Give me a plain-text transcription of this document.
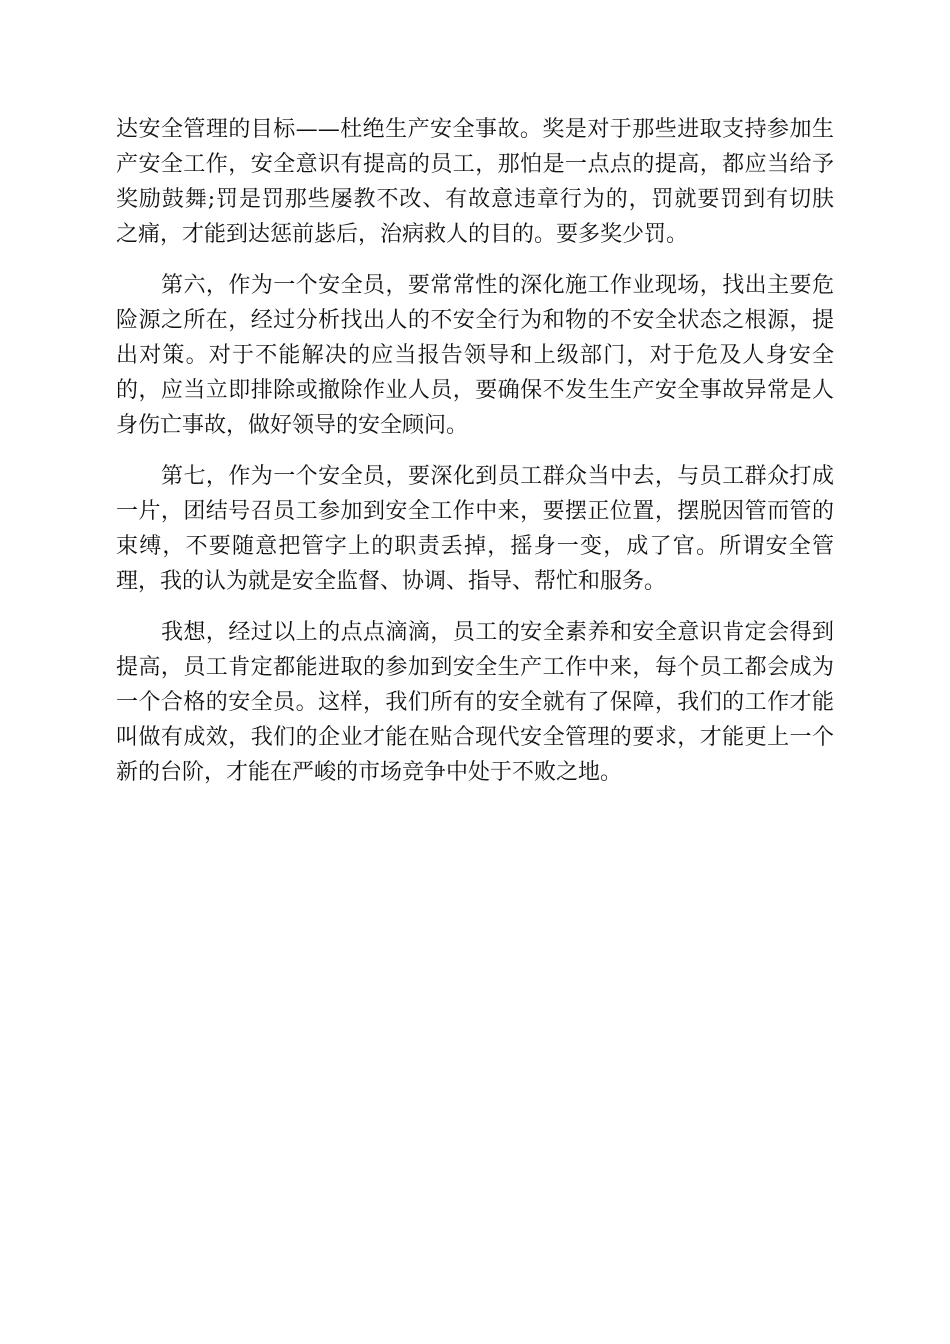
达安全管理的目标——杜绝生产安全事故。奖是对于那些进取支持参加生
产安全工作，安全意识有提高的员工，那怕是一点点的提高，都应当给予
奖励鼓舞;罚是罚那些屡教不改、有故意违章行为的，罚就要罚到有切肤
之痛，才能到达惩前毖后，治病救人的目的。要多奖少罚。
第六，作为一个安全员，要常常性的深化施工作业现场，找出主要危
险源之所在，经过分析找出人的不安全行为和物的不安全状态之根源，提
出对策。对于不能解决的应当报告领导和上级部门，对于危及人身安全
的，应当立即排除或撤除作业人员，要确保不发生生产安全事故异常是人
身伤亡事故，做好领导的安全顾问。
第七，作为一个安全员，要深化到员工群众当中去，与员工群众打成
一片，团结号召员工参加到安全工作中来，要摆正位置，摆脱因管而管的
束缚，不要随意把管字上的职责丢掉，摇身一变，成了官。所谓安全管
理，我的认为就是安全监督、协调、指导、帮忙和服务。
我想，经过以上的点点滴滴，员工的安全素养和安全意识肯定会得到
提高，员工肯定都能进取的参加到安全生产工作中来，每个员工都会成为
一个合格的安全员。这样，我们所有的安全就有了保障，我们的工作才能
叫做有成效，我们的企业才能在贴合现代安全管理的要求，才能更上一个
新的台阶，才能在严峻的市场竞争中处于不败之地。
